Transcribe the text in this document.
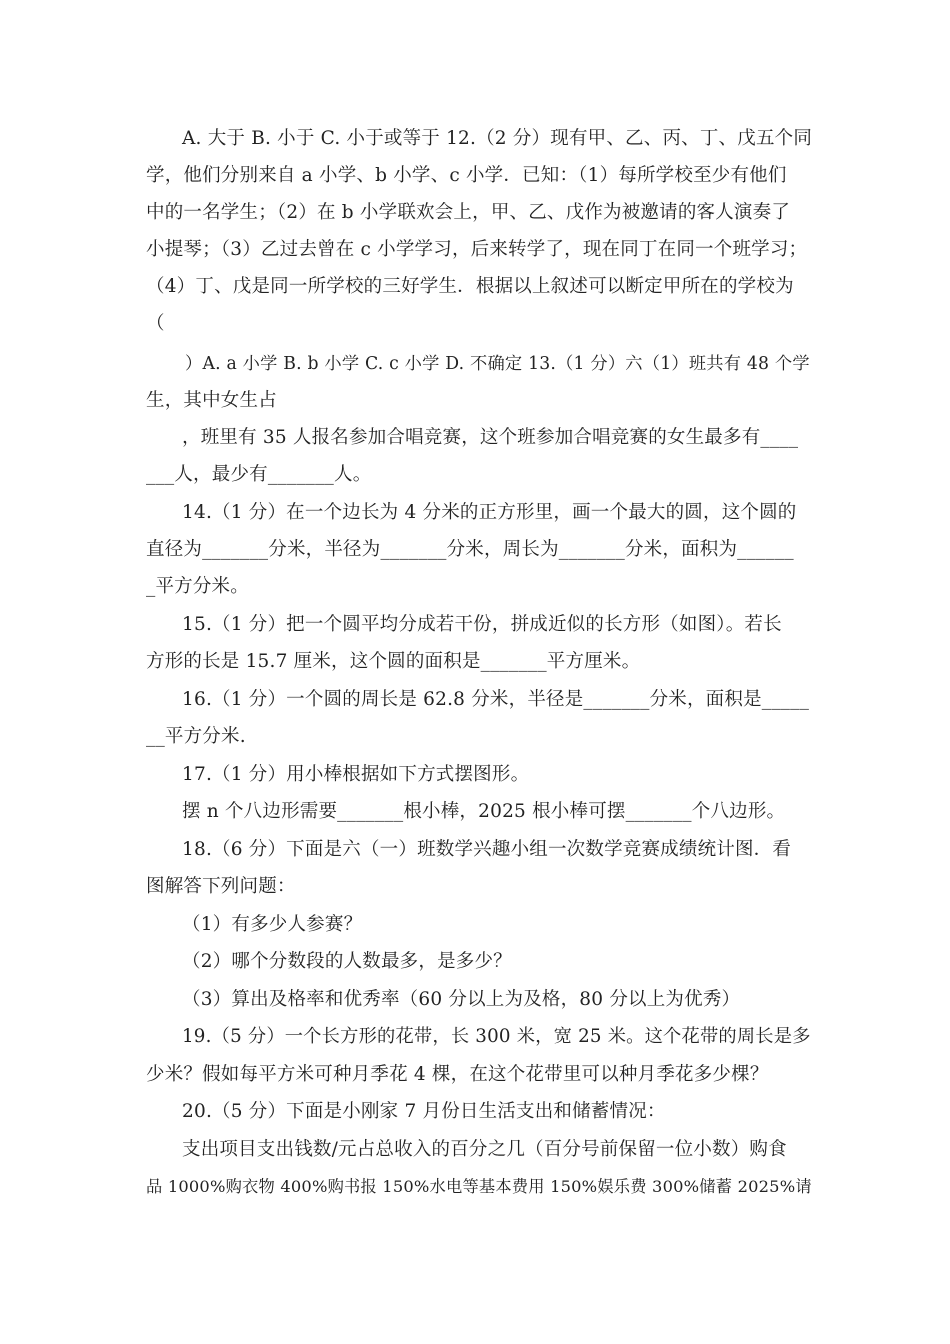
A. 大于 B. 小于 C. 小于或等于 12.（2 分）现有甲、乙、丙、丁、戊五个同
学，他们分别来自 a 小学、b 小学、c 小学．已知：（1）每所学校至少有他们
中的一名学生；（2）在 b 小学联欢会上，甲、乙、戊作为被邀请的客人演奏了
小提琴；（3）乙过去曾在 c 小学学习，后来转学了，现在同丁在同一个班学习；
（4）丁、戊是同一所学校的三好学生．根据以上叙述可以断定甲所在的学校为
（
）A. a 小学 B. b 小学 C. c 小学 D. 不确定 13.（1 分）六（1）班共有 48 个学
生，其中女生占
，班里有 35 人报名参加合唱竞赛，这个班参加合唱竞赛的女生最多有____
___人，最少有_______人。
14.（1 分）在一个边长为 4 分米的正方形里，画一个最大的圆，这个圆的
直径为_______分米，半径为_______分米，周长为_______分米，面积为______
_平方分米。
15.（1 分）把一个圆平均分成若干份，拼成近似的长方形（如图）。若长
方形的长是 15.7 厘米，这个圆的面积是_______平方厘米。
16.（1 分）一个圆的周长是 62.8 分米，半径是_______分米，面积是_____
__平方分米.
17.（1 分）用小棒根据如下方式摆图形。
摆 n 个八边形需要_______根小棒，2025 根小棒可摆_______个八边形。
18.（6 分）下面是六（一）班数学兴趣小组一次数学竞赛成绩统计图．看
图解答下列问题：
（1）有多少人参赛？
（2）哪个分数段的人数最多，是多少？
（3）算出及格率和优秀率（60 分以上为及格，80 分以上为优秀）
19.（5 分）一个长方形的花带，长 300 米，宽 25 米。这个花带的周长是多
少米？假如每平方米可种月季花 4 棵，在这个花带里可以种月季花多少棵？
20.（5 分）下面是小刚家 7 月份日生活支出和储蓄情况：
支出项目支出钱数/元占总收入的百分之几（百分号前保留一位小数）购食
品 1000%购衣物 400%购书报 150%水电等基本费用 150%娱乐费 300%储蓄 2025%请
